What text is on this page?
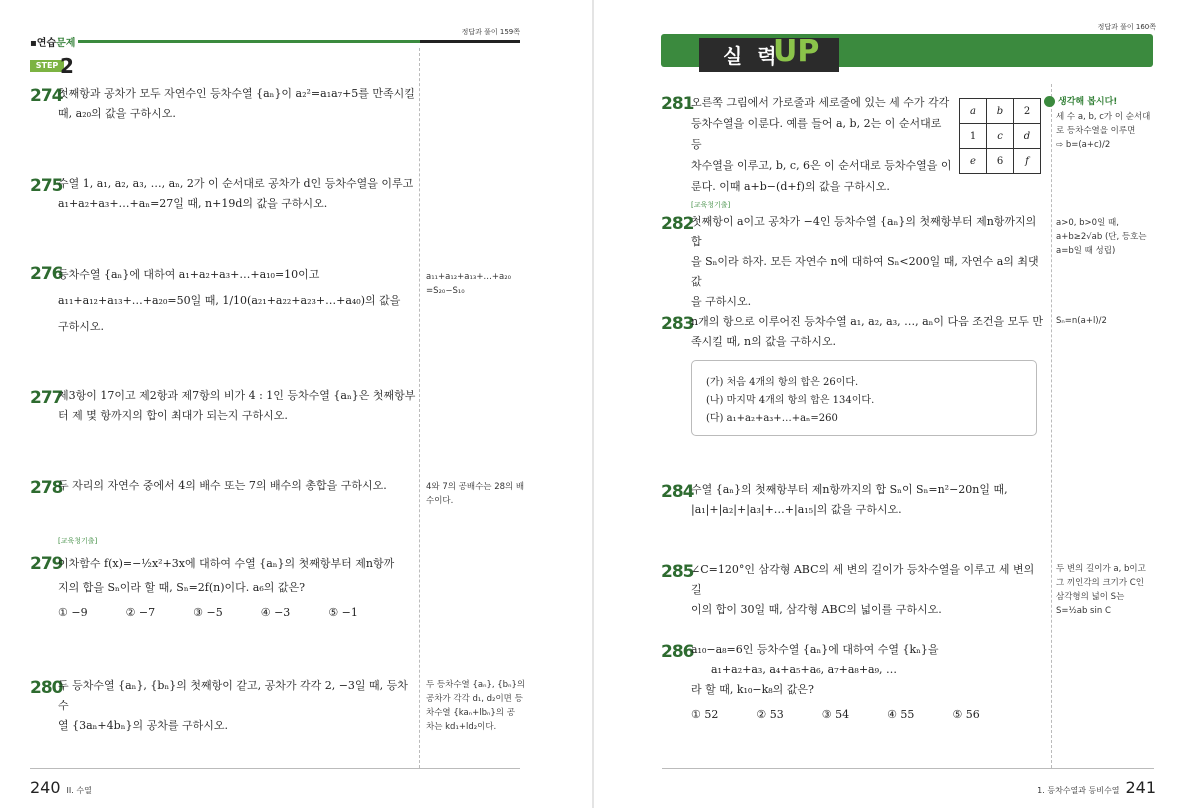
정답과 풀이 159쪽
▪연습문제
STEP 2
274
첫째항과 공차가 모두 자연수인 등차수열 {aₙ}이 a₂²=a₁a₇+5를 만족시킬
때, a₂₀의 값을 구하시오.
275
수열 1, a₁, a₂, a₃, …, aₙ, 2가 이 순서대로 공차가 d인 등차수열을 이루고
a₁+a₂+a₃+…+aₙ=27일 때, n+19d의 값을 구하시오.
276
등차수열 {aₙ}에 대하여 a₁+a₂+a₃+…+a₁₀=10이고
a₁₁+a₁₂+a₁₃+…+a₂₀=50일 때, 1/10(a₂₁+a₂₂+a₂₃+…+a₄₀)의 값을
구하시오.
a₁₁+a₁₂+a₁₃+…+a₂₀
=S₂₀−S₁₀
277
제3항이 17이고 제2항과 제7항의 비가 4 : 1인 등차수열 {aₙ}은 첫째항부
터 제 몇 항까지의 합이 최대가 되는지 구하시오.
278
두 자리의 자연수 중에서 4의 배수 또는 7의 배수의 총합을 구하시오.	4와 7의 공배수는 28의 배
수이다.
[교육청기출]
279
이차함수 f(x)=−½x²+3x에 대하여 수열 {aₙ}의 첫째항부터 제n항까
지의 합을 Sₙ이라 할 때, Sₙ=2f(n)이다. a₆의 값은?
① −9	② −7	③ −5	④ −3	⑤ −1
280
두 등차수열 {aₙ}, {bₙ}의 첫째항이 같고, 공차가 각각 2, −3일 때, 등차수
열 {3aₙ+4bₙ}의 공차를 구하시오.
두 등차수열 {aₙ}, {bₙ}의
공차가 각각 d₁, d₂이면 등
차수열 {kaₙ+lbₙ}의 공
차는 kd₁+ld₂이다.
240 II. 수열
정답과 풀이 160쪽
실 력
UP
281
오른쪽 그림에서 가로줄과 세로줄에 있는 세 수가 각각
등차수열을 이룬다. 예를 들어 a, b, 2는 이 순서대로 등
차수열을 이루고, b, c, 6은 이 순서대로 등차수열을 이
룬다. 이때 a+b−(d+f)의 값을 구하시오.
a	b	2
1	c	d
e	6	f
생각해 봅시다!
세 수 a, b, c가 이 순서대
로 등차수열을 이루면
⇨ b=(a+c)/2
[교육청기출]
282
첫째항이 a이고 공차가 −4인 등차수열 {aₙ}의 첫째항부터 제n항까지의 합
을 Sₙ이라 하자. 모든 자연수 n에 대하여 Sₙ<200일 때, 자연수 a의 최댓값
을 구하시오.
a>0, b>0일 때,
a+b≥2√ab (단, 등호는
a=b일 때 성립)
283
n개의 항으로 이루어진 등차수열 a₁, a₂, a₃, …, aₙ이 다음 조건을 모두 만
족시킬 때, n의 값을 구하시오.
Sₙ=n(a+l)/2
(가) 처음 4개의 항의 합은 26이다.
(나) 마지막 4개의 항의 합은 134이다.
(다) a₁+a₂+a₃+…+aₙ=260
284
수열 {aₙ}의 첫째항부터 제n항까지의 합 Sₙ이 Sₙ=n²−20n일 때,
|a₁|+|a₂|+|a₃|+…+|a₁₅|의 값을 구하시오.
285
∠C=120°인 삼각형 ABC의 세 변의 길이가 등차수열을 이루고 세 변의 길
이의 합이 30일 때, 삼각형 ABC의 넓이를 구하시오.
두 변의 길이가 a, b이고
그 끼인각의 크기가 C인
삼각형의 넓이 S는
S=½ab sin C
286
a₁₀−a₈=6인 등차수열 {aₙ}에 대하여 수열 {kₙ}을
a₁+a₂+a₃, a₄+a₅+a₆, a₇+a₈+a₉, …
라 할 때, k₁₀−k₈의 값은?
① 52	② 53	③ 54	④ 55	⑤ 56
1. 등차수열과 등비수열 241
